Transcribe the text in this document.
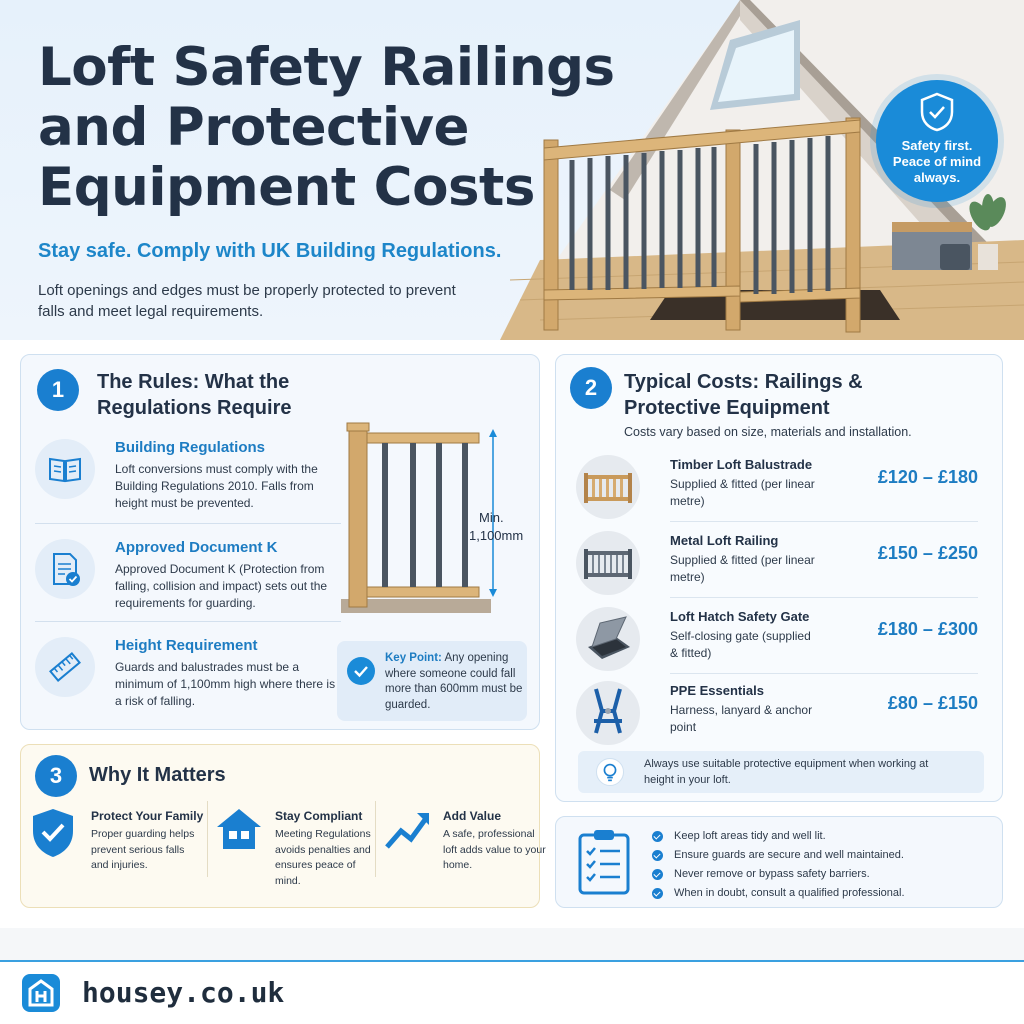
Loft Safety Railings and Protective Equipment Costs
Stay safe. Comply with UK Building Regulations.
Loft openings and edges must be properly protected to prevent falls and meet legal requirements.
Safety first. Peace of mind always.
1	The Rules: What the Regulations Require
Building Regulations
Loft conversions must comply with the Building Regulations 2010. Falls from height must be prevented.
Approved Document K
Approved Document K (Protection from falling, collision and impact) sets out the requirements for guarding.
Height Requirement
Guards and balustrades must be a minimum of 1,100mm high where there is a risk of falling.
Min.
1,100mm
Key Point: Any opening where someone could fall more than 600mm must be guarded.
2	Typical Costs: Railings & Protective Equipment
Costs vary based on size, materials and installation.
Timber Loft Balustrade
Supplied & fitted (per linear metre)
£120 – £180
Metal Loft Railing
Supplied & fitted (per linear metre)
£150 – £250
Loft Hatch Safety Gate
Self-closing gate (supplied & fitted)
£180 – £300
PPE Essentials
Harness, lanyard & anchor point
£80 – £150
Always use suitable protective equipment when working at height in your loft.
3	Why It Matters
Protect Your Family
Proper guarding helps prevent serious falls and injuries.
Stay Compliant
Meeting Regulations avoids penalties and ensures peace of mind.
Add Value
A safe, professional loft adds value to your home.
Keep loft areas tidy and well lit.
Ensure guards are secure and well maintained.
Never remove or bypass safety barriers.
When in doubt, consult a qualified professional.
housey.co.uk
